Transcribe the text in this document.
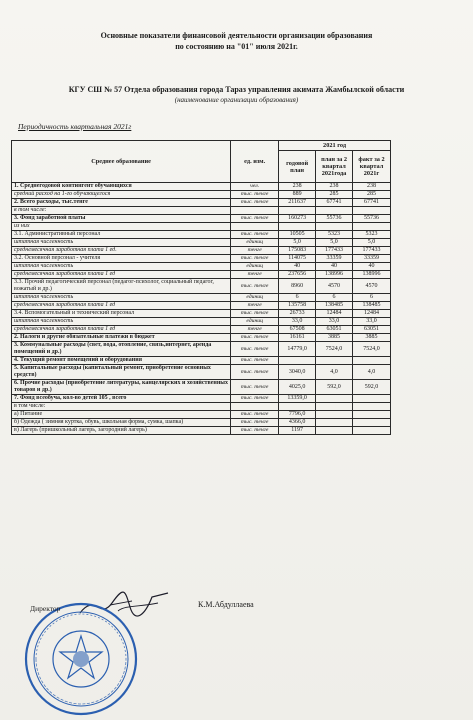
Основные показатели финансовой деятельности организации образования
по состоянию на "01" июля 2021г.
КГУ СШ № 57 Отдела образования города Тараз управления акимата Жамбылской области
(наименование организации образования)
Периодичность квартальная 2021г
Среднее образование	ед. изм.	2021 год		
		годовой план	план за 2 квартал 2021года	факт за 2 квартал 2021г
1. Среднегодовой контингент обучающихся	чел.	238	238	238
средний расход на 1-го обучающегося	тыс. тенге	889	285	285
2. Всего расходы, тыс.тенге	тыс. тенге	211637	67741	67741
в том числе:				
3. Фонд заработной платы	тыс. тенге	160273	55736	55736
из них				
3.1. Административный персонал	тыс. тенге	10505	5323	5323
штатная численность	единиц	5,0	5,0	5,0
среднемесячная заработная плата 1 ед.	тенге	175083	177433	177433
3.2. Основной персонал - учителя	тыс. тенге	114075	33359	33359
штатная численность	единиц	40	40	40
среднемесячная заработная плата 1 ед	тенге	237656	138996	138996
3.3. Прочий педагогический персонал (педагог-психолог, социальный педагог, вожатый и др.)	тыс. тенге	8960	4570	4570
штатная численность	единиц	6	6	6
среднемесячная заработная плата 1 ед	тенге	135758	138485	138485
3.4. Вспомогательный и технический персонал	тыс. тенге	26733	12484	12484
штатная численность	единиц	33,0	33,0	33,0
среднемесячная заработная плата 1 ед	тенге	67508	63051	63051
2. Налоги и другие обязательные платежи в бюджет	тыс. тенге	16161	3885	3885
3. Коммунальные расходы (свет, вода, отопление, связь,интернет, аренда помещений и др.)	тыс. тенге	14779,0	7524,0	7524,0
4. Текущий ремонт помещений и оборудования	тыс. тенге			
5. Капитальные расходы (капитальный ремонт, приобретение основных средств)	тыс. тенге	3040,0	4,0	4,0
6. Прочие расходы (приобретение литературы, канцелярских и хозяйственных товаров и др.)	тыс. тенге	4025,0	592,0	592,0
7. Фонд всеобуча, кол-во детей 105 , всего	тыс. тенге	13359,0		
в том числе:				
а) Питание	тыс. тенге	7796,0		
б) Одежда ( зимняя куртка, обувь, школьная форма, сумка, шапка)	тыс. тенге	4366,0		
в) Лагерь (пришкольный лагерь, загородний лагерь)	тыс. тенге	1197		
Директор	К.М.Абдуллаева
